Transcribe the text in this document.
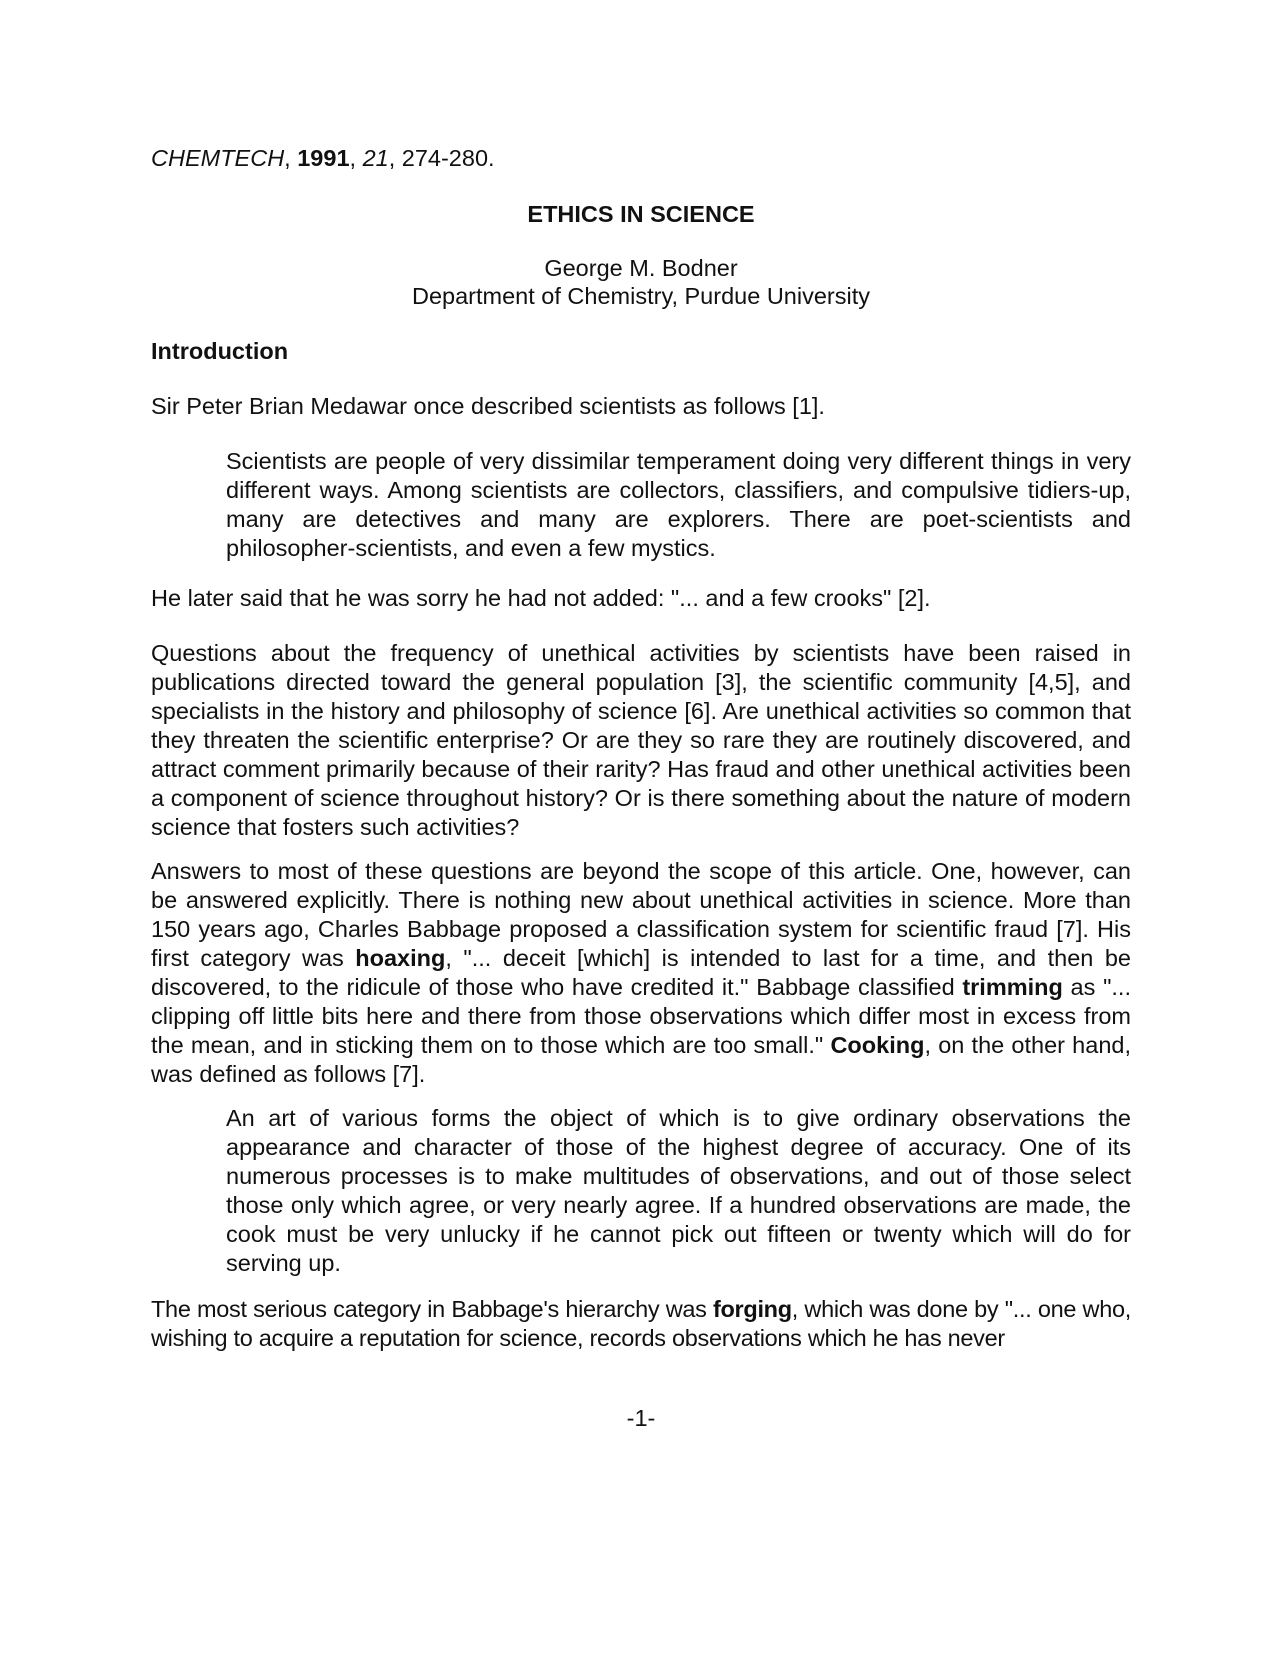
CHEMTECH, 1991, 21, 274-280.

ETHICS IN SCIENCE

George M. Bodner

Department of Chemistry, Purdue University

Introduction

Sir Peter Brian Medawar once described scientists as follows [1].

Scientists are people of very dissimilar temperament doing very different things in very different ways. Among scientists are collectors, classifiers, and compulsive tidiers-up, many are detectives and many are explorers. There are poet-scientists and philosopher-scientists, and even a few mystics.

He later said that he was sorry he had not added: "... and a few crooks" [2].

Questions about the frequency of unethical activities by scientists have been raised in publications directed toward the general population [3], the scientific community [4,5], and specialists in the history and philosophy of science [6]. Are unethical activities so common that they threaten the scientific enterprise? Or are they so rare they are routinely discovered, and attract comment primarily because of their rarity? Has fraud and other unethical activities been a component of science throughout history? Or is there something about the nature of modern science that fosters such activities?

Answers to most of these questions are beyond the scope of this article. One, however, can be answered explicitly. There is nothing new about unethical activities in science. More than 150 years ago, Charles Babbage proposed a classification system for scientific fraud [7]. His first category was hoaxing, "... deceit [which] is intended to last for a time, and then be discovered, to the ridicule of those who have credited it." Babbage classified trimming as "... clipping off little bits here and there from those observations which differ most in excess from the mean, and in sticking them on to those which are too small." Cooking, on the other hand, was defined as follows [7].

An art of various forms the object of which is to give ordinary observations the appearance and character of those of the highest degree of accuracy. One of its numerous processes is to make multitudes of observations, and out of those select those only which agree, or very nearly agree. If a hundred observations are made, the cook must be very unlucky if he cannot pick out fifteen or twenty which will do for serving up.

The most serious category in Babbage's hierarchy was forging, which was done by "... one who, wishing to acquire a reputation for science, records observations which he has never

-1-
